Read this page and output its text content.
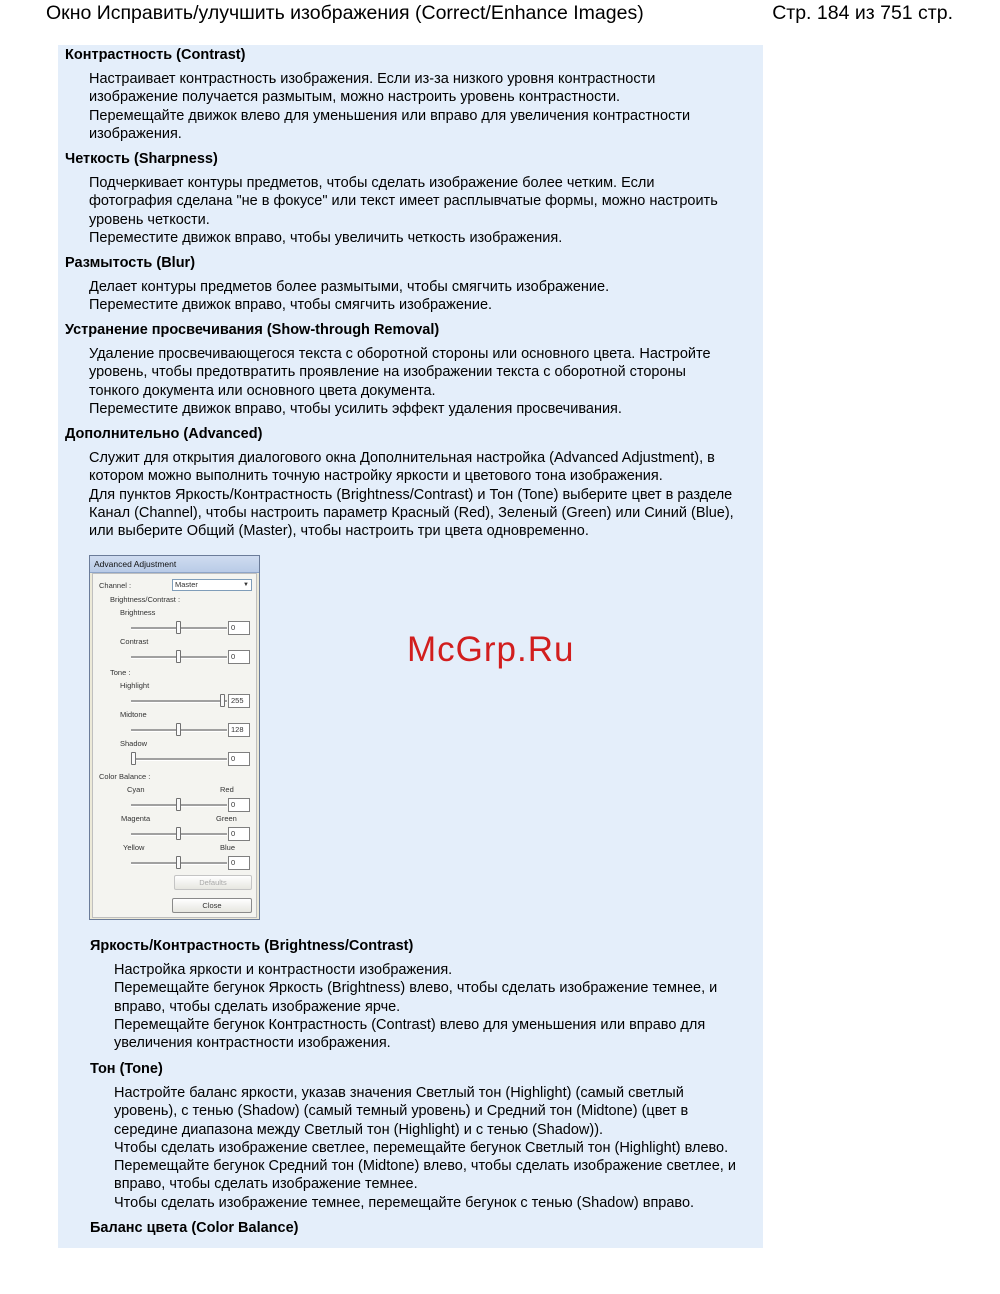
Окно Исправить/улучшить изображения (Correct/Enhance Images)	Стр. 184 из 751 стр.
Контрастность (Contrast)
Настраивает контрастность изображения. Если из-за низкого уровня контрастности
изображение получается размытым, можно настроить уровень контрастности.
Перемещайте движок влево для уменьшения или вправо для увеличения контрастности
изображения.
Четкость (Sharpness)
Подчеркивает контуры предметов, чтобы сделать изображение более четким. Если
фотография сделана "не в фокусе" или текст имеет расплывчатые формы, можно настроить
уровень четкости.
Переместите движок вправо, чтобы увеличить четкость изображения.
Размытость (Blur)
Делает контуры предметов более размытыми, чтобы смягчить изображение.
Переместите движок вправо, чтобы смягчить изображение.
Устранение просвечивания (Show-through Removal)
Удаление просвечивающегося текста с оборотной стороны или основного цвета. Настройте
уровень, чтобы предотвратить проявление на изображении текста с оборотной стороны
тонкого документа или основного цвета документа.
Переместите движок вправо, чтобы усилить эффект удаления просвечивания.
Дополнительно (Advanced)
Служит для открытия диалогового окна Дополнительная настройка (Advanced Adjustment), в
котором можно выполнить точную настройку яркости и цветового тона изображения.
Для пунктов Яркость/Контрастность (Brightness/Contrast) и Тон (Tone) выберите цвет в разделе
Канал (Channel), чтобы настроить параметр Красный (Red), Зеленый (Green) или Синий (Blue),
или выберите Общий (Master), чтобы настроить три цвета одновременно.
Advanced Adjustment
Channel :	Master	▼
Brightness/Contrast :
Brightness
0
Contrast
0
Tone :
Highlight
255
Midtone
128
Shadow
0
Color Balance :
Cyan	Red
0
Magenta	Green
0
Yellow	Blue
0
Defaults
Close
Яркость/Контрастность (Brightness/Contrast)
Настройка яркости и контрастности изображения.
Перемещайте бегунок Яркость (Brightness) влево, чтобы сделать изображение темнее, и
вправо, чтобы сделать изображение ярче.
Перемещайте бегунок Контрастность (Contrast) влево для уменьшения или вправо для
увеличения контрастности изображения.
Тон (Tone)
Настройте баланс яркости, указав значения Светлый тон (Highlight) (самый светлый
уровень), с тенью (Shadow) (самый темный уровень) и Средний тон (Midtone) (цвет в
середине диапазона между Светлый тон (Highlight) и с тенью (Shadow)).
Чтобы сделать изображение светлее, перемещайте бегунок Светлый тон (Highlight) влево.
Перемещайте бегунок Средний тон (Midtone) влево, чтобы сделать изображение светлее, и
вправо, чтобы сделать изображение темнее.
Чтобы сделать изображение темнее, перемещайте бегунок с тенью (Shadow) вправо.
Баланс цвета (Color Balance)
McGrp.Ru
